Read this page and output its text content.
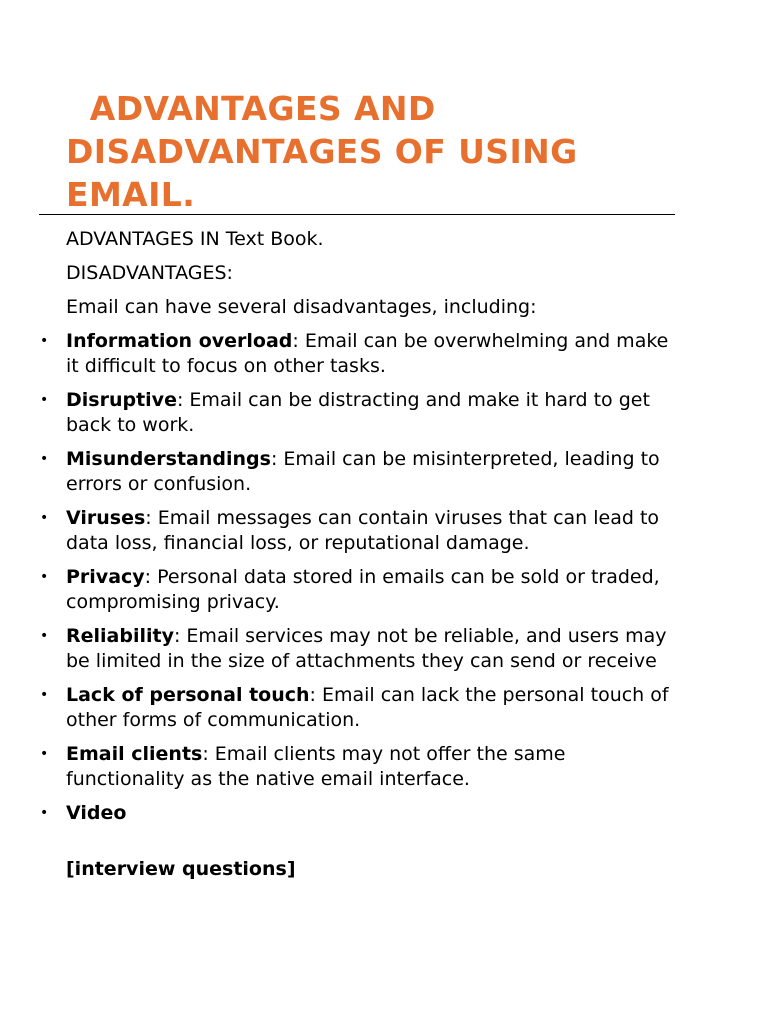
ADVANTAGES AND DISADVANTAGES OF USING EMAIL.

ADVANTAGES IN Text Book.

DISADVANTAGES:

Email can have several disadvantages, including:

• Information overload: Email can be overwhelming and make it difficult to focus on other tasks.
• Disruptive: Email can be distracting and make it hard to get back to work.
• Misunderstandings: Email can be misinterpreted, leading to errors or confusion.
• Viruses: Email messages can contain viruses that can lead to data loss, financial loss, or reputational damage.
• Privacy: Personal data stored in emails can be sold or traded, compromising privacy.
• Reliability: Email services may not be reliable, and users may be limited in the size of attachments they can send or receive
• Lack of personal touch: Email can lack the personal touch of other forms of communication.
• Email clients: Email clients may not offer the same functionality as the native email interface.
• Video

[interview questions]
